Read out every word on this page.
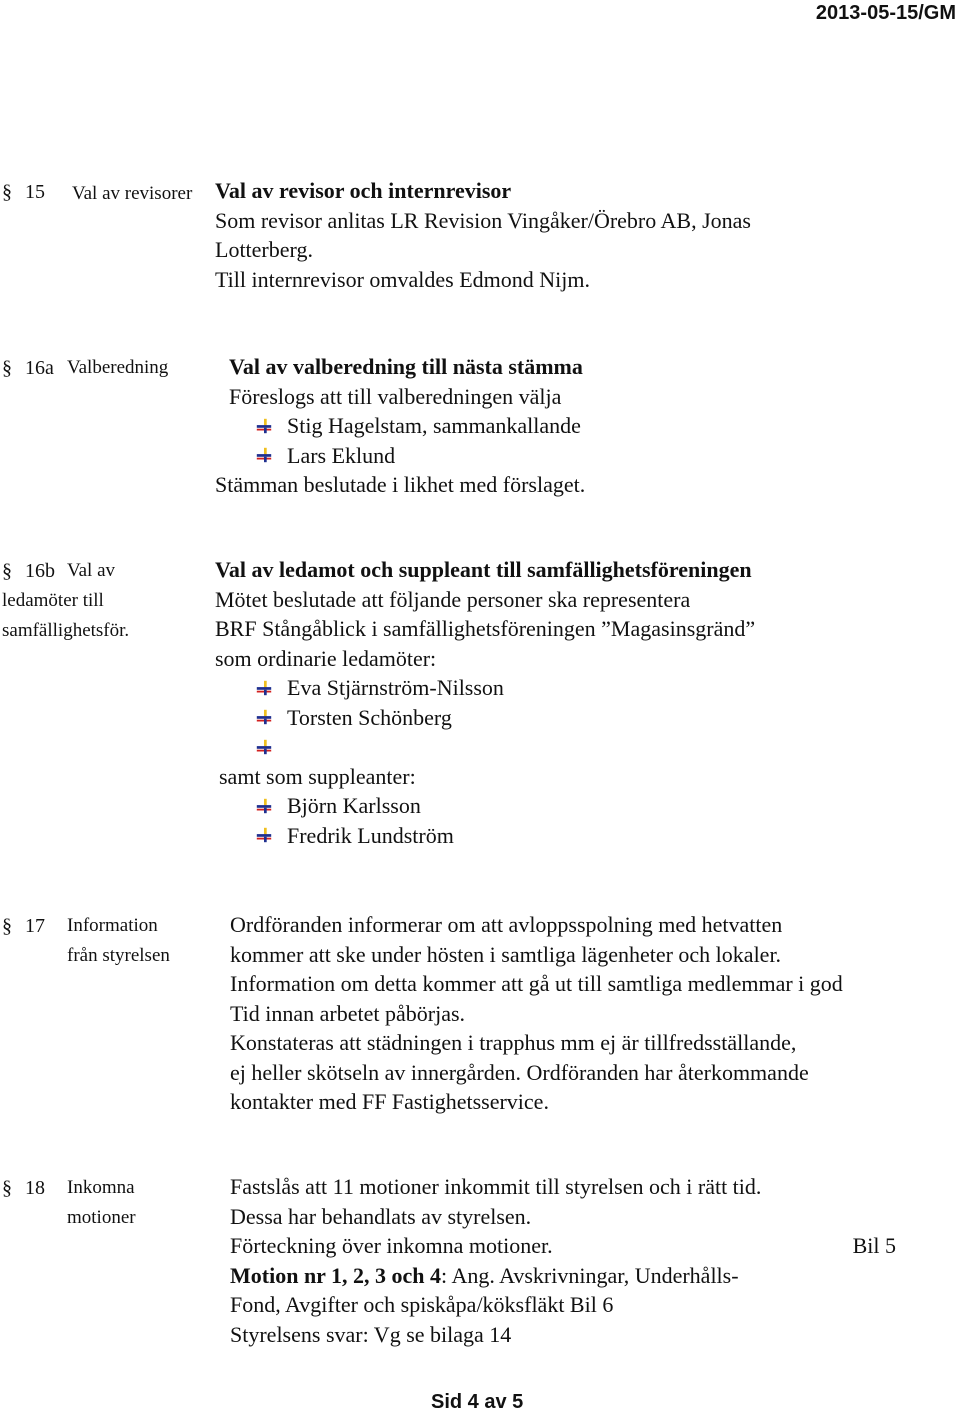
2013-05-15/GM
§ 15 Val av revisorer Val av revisor och internrevisor
Som revisor anlitas LR Revision Vingåker/Örebro AB, Jonas
Lotterberg.
Till internrevisor omvaldes Edmond Nijm.
§ 16a Valberedning	Val av valberedning till nästa stämma
Föreslogs att till valberedningen välja
Stig Hagelstam, sammankallande
Lars Eklund
Stämman beslutade i likhet med förslaget.
§ 16b Val av
ledamöter till
samfällighetsför.
Val av ledamot och suppleant till samfällighetsföreningen
Mötet beslutade att följande personer ska representera
BRF Stångåblick i samfällighetsföreningen ”Magasinsgränd”
som ordinarie ledamöter:
Eva Stjärnström-Nilsson
Torsten Schönberg
samt som suppleanter:
Björn Karlsson
Fredrik Lundström
§ 17 Information
från styrelsen
Ordföranden informerar om att avloppsspolning med hetvatten
kommer att ske under hösten i samtliga lägenheter och lokaler.
Information om detta kommer att gå ut till samtliga medlemmar i god
Tid innan arbetet påbörjas.
Konstateras att städningen i trapphus mm ej är tillfredsställande,
ej heller skötseln av innergården. Ordföranden har återkommande
kontakter med FF Fastighetsservice.
§ 18 Inkomna
motioner
Fastslås att 11 motioner inkommit till styrelsen och i rätt tid.
Dessa har behandlats av styrelsen.
Förteckning över inkomna motioner.	Bil 5
Motion nr 1, 2, 3 och 4: Ang. Avskrivningar, Underhålls-
Fond, Avgifter och spiskåpa/köksfläkt Bil 6
Styrelsens svar: Vg se bilaga 14
Sid 4 av 5
